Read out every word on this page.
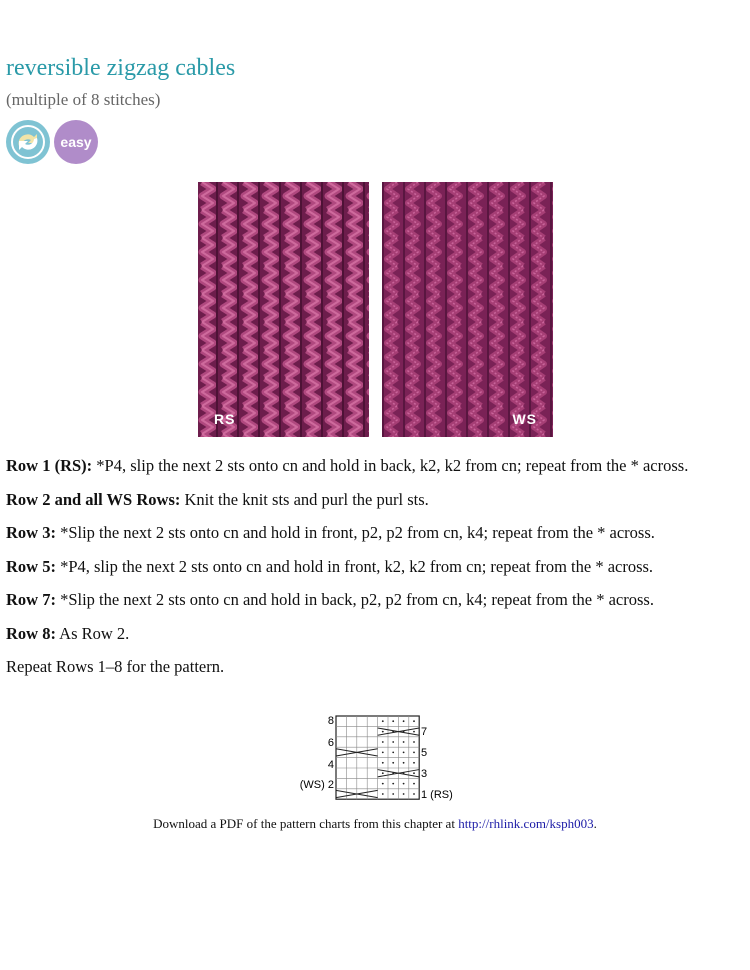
reversible zigzag cables
(multiple of 8 stitches)
easy
RS	WS

Row 1 (RS): *P4, slip the next 2 sts onto cn and hold in back, k2, k2 from cn; repeat from the * across.

Row 2 and all WS Rows: Knit the knit sts and purl the purl sts.

Row 3: *Slip the next 2 sts onto cn and hold in front, p2, p2 from cn, k4; repeat from the * across.

Row 5: *P4, slip the next 2 sts onto cn and hold in front, k2, k2 from cn; repeat from the * across.

Row 7: *Slip the next 2 sts onto cn and hold in back, p2, p2 from cn, k4; repeat from the * across.

Row 8: As Row 2.

Repeat Rows 1–8 for the pattern.

8
6
4
(WS) 2
7
5
3
1 (RS)
Download a PDF of the pattern charts from this chapter at http://rhlink.com/ksph003.
